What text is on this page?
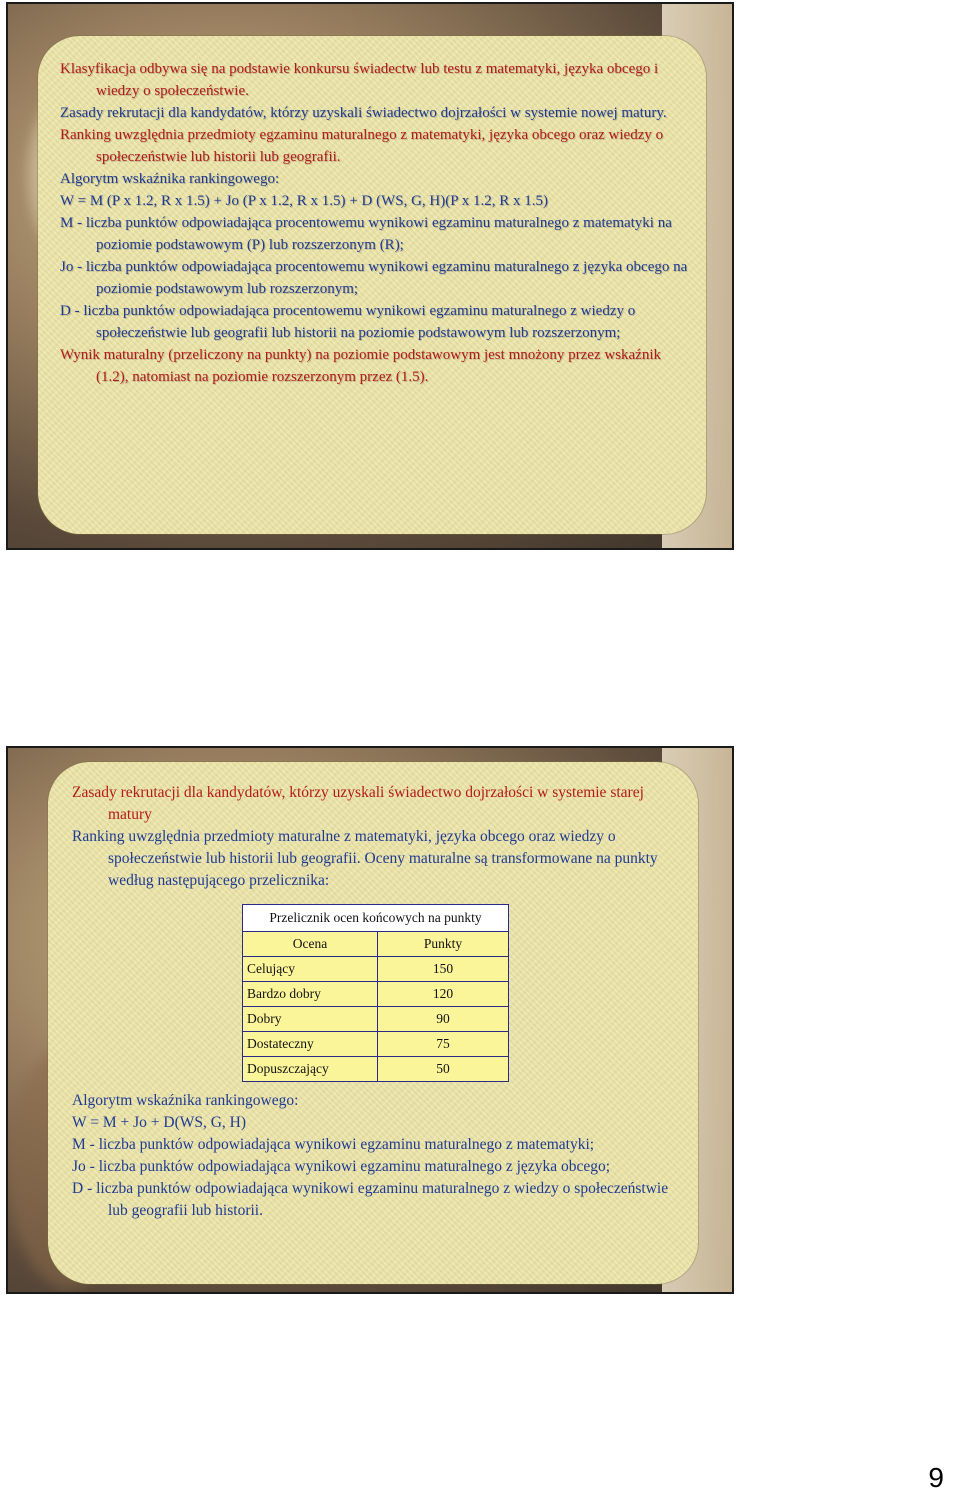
Klasyfikacja odbywa się na podstawie konkursu świadectw lub testu z matematyki, języka obcego i wiedzy o społeczeństwie.

Zasady rekrutacji dla kandydatów, którzy uzyskali świadectwo dojrzałości w systemie nowej matury.

Ranking uwzględnia przedmioty egzaminu maturalnego z matematyki, języka obcego oraz wiedzy o społeczeństwie lub historii lub geografii.

Algorytm wskaźnika rankingowego:

W = M (P x 1.2, R x 1.5) + Jo (P x 1.2, R x 1.5) + D (WS, G, H)(P x 1.2, R x 1.5)

M - liczba punktów odpowiadająca procentowemu wynikowi egzaminu maturalnego z matematyki na poziomie podstawowym (P) lub rozszerzonym (R);

Jo - liczba punktów odpowiadająca procentowemu wynikowi egzaminu maturalnego z języka obcego na poziomie podstawowym lub rozszerzonym;

D - liczba punktów odpowiadająca procentowemu wynikowi egzaminu maturalnego z wiedzy o społeczeństwie lub geografii lub historii na poziomie podstawowym lub rozszerzonym;

Wynik maturalny (przeliczony na punkty) na poziomie podstawowym jest mnożony przez wskaźnik (1.2), natomiast na poziomie rozszerzonym przez (1.5).

Zasady rekrutacji dla kandydatów, którzy uzyskali świadectwo dojrzałości w systemie starej matury

Ranking uwzględnia przedmioty maturalne z matematyki, języka obcego oraz wiedzy o społeczeństwie lub historii lub geografii. Oceny maturalne są transformowane na punkty według następującego przelicznika:

Przelicznik ocen końcowych na punkty	
Ocena	Punkty
Celujący	150
Bardzo dobry	120
Dobry	90
Dostateczny	75
Dopuszczający	50

Algorytm wskaźnika rankingowego:

W = M + Jo + D(WS, G, H)

M - liczba punktów odpowiadająca wynikowi egzaminu maturalnego z matematyki;

Jo - liczba punktów odpowiadająca wynikowi egzaminu maturalnego z języka obcego;

D - liczba punktów odpowiadająca wynikowi egzaminu maturalnego z wiedzy o społeczeństwie lub geografii lub historii.

9
